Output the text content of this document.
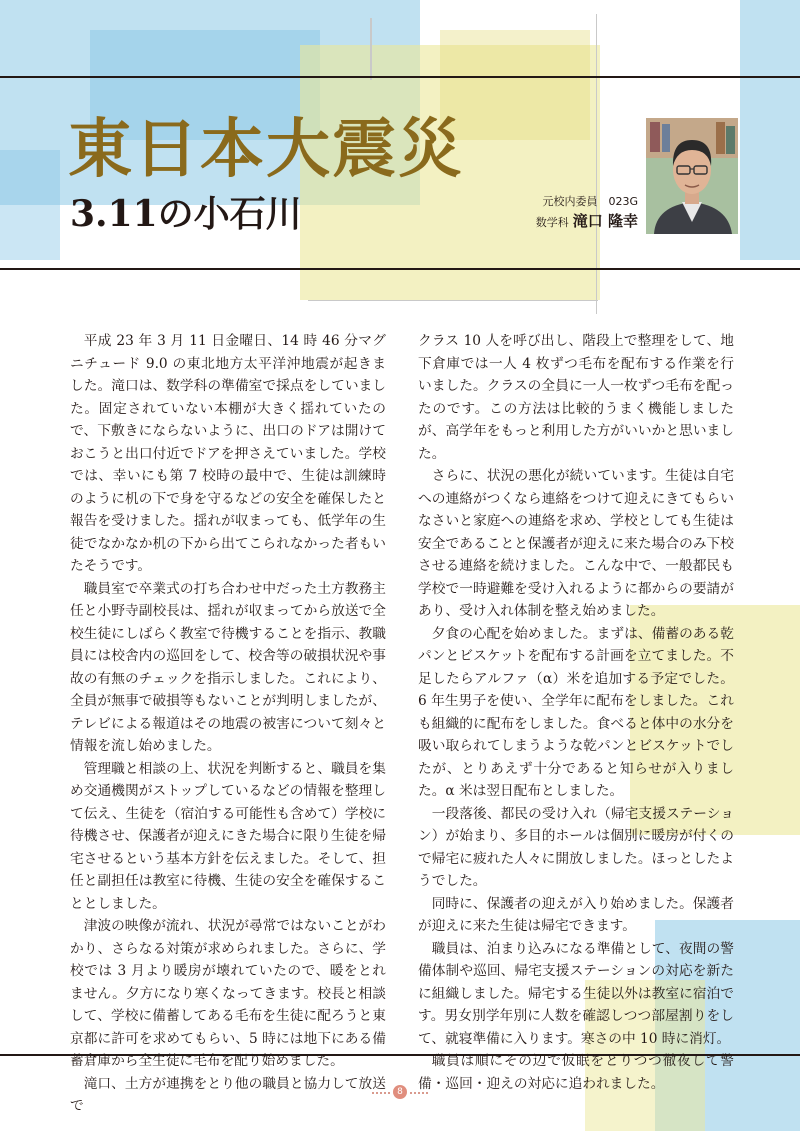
東日本大震災
3.11の小石川	元校内委員　023G
数学科 滝口 隆幸

平成 23 年 3 月 11 日金曜日、14 時 46 分マグニチュード 9.0 の東北地方太平洋沖地震が起きました。滝口は、数学科の準備室で採点をしていました。固定されていない本棚が大きく揺れていたので、下敷きにならないように、出口のドアは開けておこうと出口付近でドアを押さえていました。学校では、幸いにも第 7 校時の最中で、生徒は訓練時のように机の下で身を守るなどの安全を確保したと報告を受けました。揺れが収まっても、低学年の生徒でなかなか机の下から出てこられなかった者もいたそうです。

職員室で卒業式の打ち合わせ中だった土方教務主任と小野寺副校長は、揺れが収まってから放送で全校生徒にしばらく教室で待機することを指示、教職員には校舎内の巡回をして、校舎等の破損状況や事故の有無のチェックを指示しました。これにより、全員が無事で破損等もないことが判明しましたが、テレビによる報道はその地震の被害について刻々と情報を流し始めました。

管理職と相談の上、状況を判断すると、職員を集め交通機関がストップしているなどの情報を整理して伝え、生徒を（宿泊する可能性も含めて）学校に待機させ、保護者が迎えにきた場合に限り生徒を帰宅させるという基本方針を伝えました。そして、担任と副担任は教室に待機、生徒の安全を確保することとしました。

津波の映像が流れ、状況が尋常ではないことがわかり、さらなる対策が求められました。さらに、学校では 3 月より暖房が壊れていたので、暖をとれません。夕方になり寒くなってきます。校長と相談して、学校に備蓄してある毛布を生徒に配ろうと東京都に許可を求めてもらい、5 時には地下にある備蓄倉庫から全生徒に毛布を配り始めました。

滝口、土方が連携をとり他の職員と協力して放送で

クラス 10 人を呼び出し、階段上で整理をして、地下倉庫では一人 4 枚ずつ毛布を配布する作業を行いました。クラスの全員に一人一枚ずつ毛布を配ったのです。この方法は比較的うまく機能しましたが、高学年をもっと利用した方がいいかと思いました。

さらに、状況の悪化が続いています。生徒は自宅への連絡がつくなら連絡をつけて迎えにきてもらいなさいと家庭への連絡を求め、学校としても生徒は安全であることと保護者が迎えに来た場合のみ下校させる連絡を続けました。こんな中で、一般都民も学校で一時避難を受け入れるように都からの要請があり、受け入れ体制を整え始めました。

夕食の心配を始めました。まずは、備蓄のある乾パンとビスケットを配布する計画を立てました。不足したらアルファ（α）米を追加する予定でした。6 年生男子を使い、全学年に配布をしました。これも組織的に配布をしました。食べると体中の水分を吸い取られてしまうような乾パンとビスケットでしたが、とりあえず十分であると知らせが入りました。α 米は翌日配布としました。

一段落後、都民の受け入れ（帰宅支援ステーション）が始まり、多目的ホールは個別に暖房が付くので帰宅に疲れた人々に開放しました。ほっとしたようでした。

同時に、保護者の迎えが入り始めました。保護者が迎えに来た生徒は帰宅できます。

職員は、泊まり込みになる準備として、夜間の警備体制や巡回、帰宅支援ステーションの対応を新たに組織しました。帰宅する生徒以外は教室に宿泊です。男女別学年別に人数を確認しつつ部屋割りをして、就寝準備に入ります。寒さの中 10 時に消灯。

職員は順にその辺で仮眠をとりつつ徹夜して警備・巡回・迎えの対応に追われました。

8
